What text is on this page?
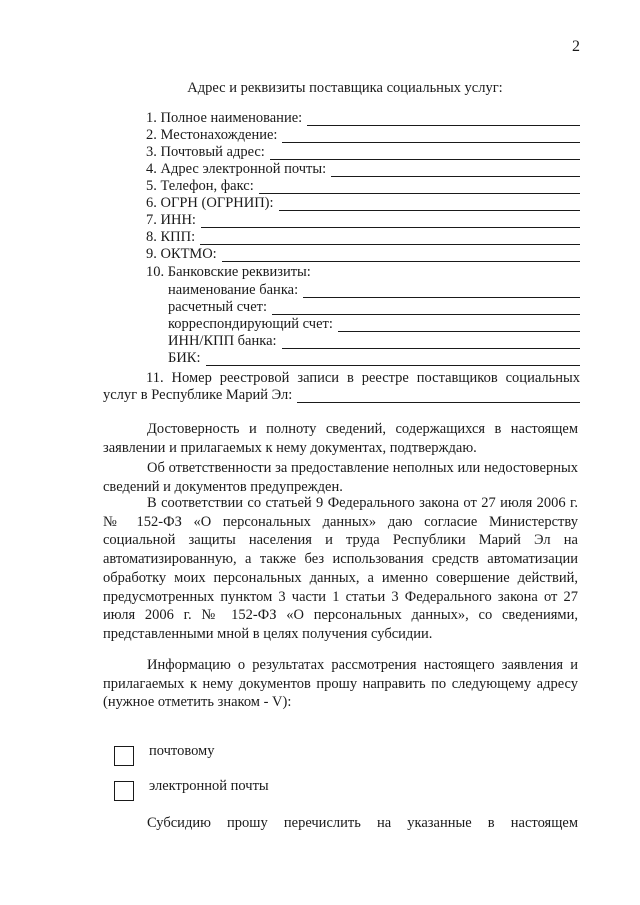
2
Адрес и реквизиты поставщика социальных услуг:
1. Полное наименование:
2. Местонахождение:
3. Почтовый адрес:
4. Адрес электронной почты:
5. Телефон, факс:
6. ОГРН (ОГРНИП):
7. ИНН:
8. КПП:
9. ОКТМО:
10. Банковские реквизиты:
наименование банка:
расчетный счет:
корреспондирующий счет:
ИНН/КПП банка:
БИК:
11. Номер реестровой записи в реестре поставщиков социальных
услуг в Республике Марий Эл:
Достоверность и полноту сведений, содержащихся в настоящем заявлении и прилагаемых к нему документах, подтверждаю.
Об ответственности за предоставление неполных или недостоверных сведений и документов предупрежден.
В соответствии со статьей 9 Федерального закона от 27 июля 2006 г. № 152-ФЗ «О персональных данных» даю согласие Министерству социальной защиты населения и труда Республики Марий Эл на автоматизированную, а также без использования средств автоматизации обработку моих персональных данных, а именно совершение действий, предусмотренных пунктом 3 части 1 статьи 3 Федерального закона от 27 июля 2006 г. № 152-ФЗ «О персональных данных», со сведениями, представленными мной в целях получения субсидии.
Информацию о результатах рассмотрения настоящего заявления и прилагаемых к нему документов прошу направить по следующему адресу (нужное отметить знаком - V):
почтовому
электронной почты
Субсидию прошу перечислить на указанные в настоящем
